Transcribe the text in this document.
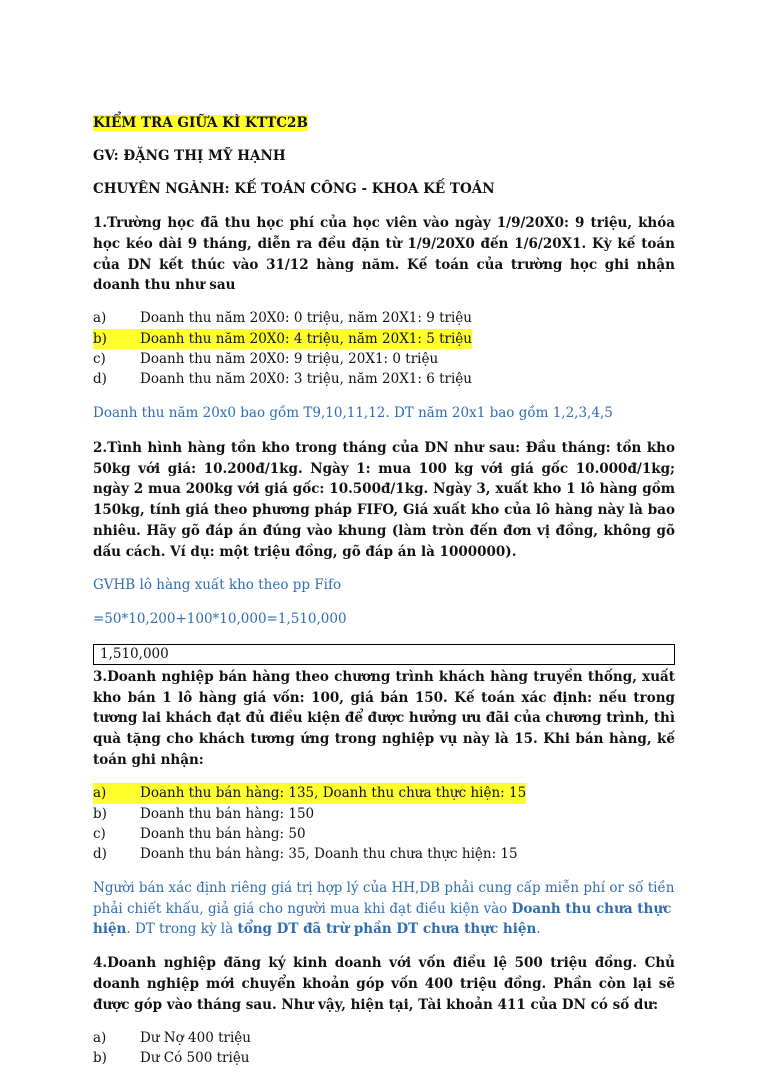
KIỂM TRA GIỮA KÌ KTTC2B

GV: ĐẶNG THỊ MỸ HẠNH

CHUYÊN NGÀNH: KẾ TOÁN CÔNG - KHOA KẾ TOÁN

1.Trường học đã thu học phí của học viên vào ngày 1/9/20X0: 9 triệu, khóa học kéo dài 9 tháng, diễn ra đều đặn từ 1/9/20X0 đến 1/6/20X1. Kỳ kế toán của DN kết thúc vào 31/12 hàng năm. Kế toán của trường học ghi nhận doanh thu như sau

a)	Doanh thu năm 20X0: 0 triệu, năm 20X1: 9 triệu
b)	Doanh thu năm 20X0: 4 triệu, năm 20X1: 5 triệu
c)	Doanh thu năm 20X0: 9 triệu, 20X1: 0 triệu
d)	Doanh thu năm 20X0: 3 triệu, năm 20X1: 6 triệu

Doanh thu năm 20x0 bao gồm T9,10,11,12. DT năm 20x1 bao gồm 1,2,3,4,5

2.Tình hình hàng tồn kho trong tháng của DN như sau: Đầu tháng: tồn kho 50kg với giá: 10.200đ/1kg. Ngày 1: mua 100 kg với giá gốc 10.000đ/1kg; ngày 2 mua 200kg với giá gốc: 10.500đ/1kg. Ngày 3, xuất kho 1 lô hàng gồm 150kg, tính giá theo phương pháp FIFO, Giá xuất kho của lô hàng này là bao nhiêu. Hãy gõ đáp án đúng vào khung (làm tròn đến đơn vị đồng, không gõ dấu cách. Ví dụ: một triệu đồng, gõ đáp án là 1000000).

GVHB lô hàng xuất kho theo pp Fifo

=50*10,200+100*10,000=1,510,000

1,510,000

3.Doanh nghiệp bán hàng theo chương trình khách hàng truyền thống, xuất kho bán 1 lô hàng giá vốn: 100, giá bán 150. Kế toán xác định: nếu trong tương lai khách đạt đủ điều kiện để được hưởng ưu đãi của chương trình, thì quà tặng cho khách tương ứng trong nghiệp vụ này là 15. Khi bán hàng, kế toán ghi nhận:

a)	Doanh thu bán hàng: 135, Doanh thu chưa thực hiện: 15
b)	Doanh thu bán hàng: 150
c)	Doanh thu bán hàng: 50
d)	Doanh thu bán hàng: 35, Doanh thu chưa thực hiện: 15

Người bán xác định riêng giá trị hợp lý của HH,DB phải cung cấp miễn phí or số tiền phải chiết khấu, giả giá cho người mua khi đạt điều kiện vào Doanh thu chưa thực hiện. DT trong kỳ là tổng DT đã trừ phần DT chưa thực hiện.

4.Doanh nghiệp đăng ký kinh doanh với vốn điều lệ 500 triệu đồng. Chủ doanh nghiệp mới chuyển khoản góp vốn 400 triệu đồng. Phần còn lại sẽ được góp vào tháng sau. Như vậy, hiện tại, Tài khoản 411 của DN có số dư:

a)	Dư Nợ 400 triệu
b)	Dư Có 500 triệu
